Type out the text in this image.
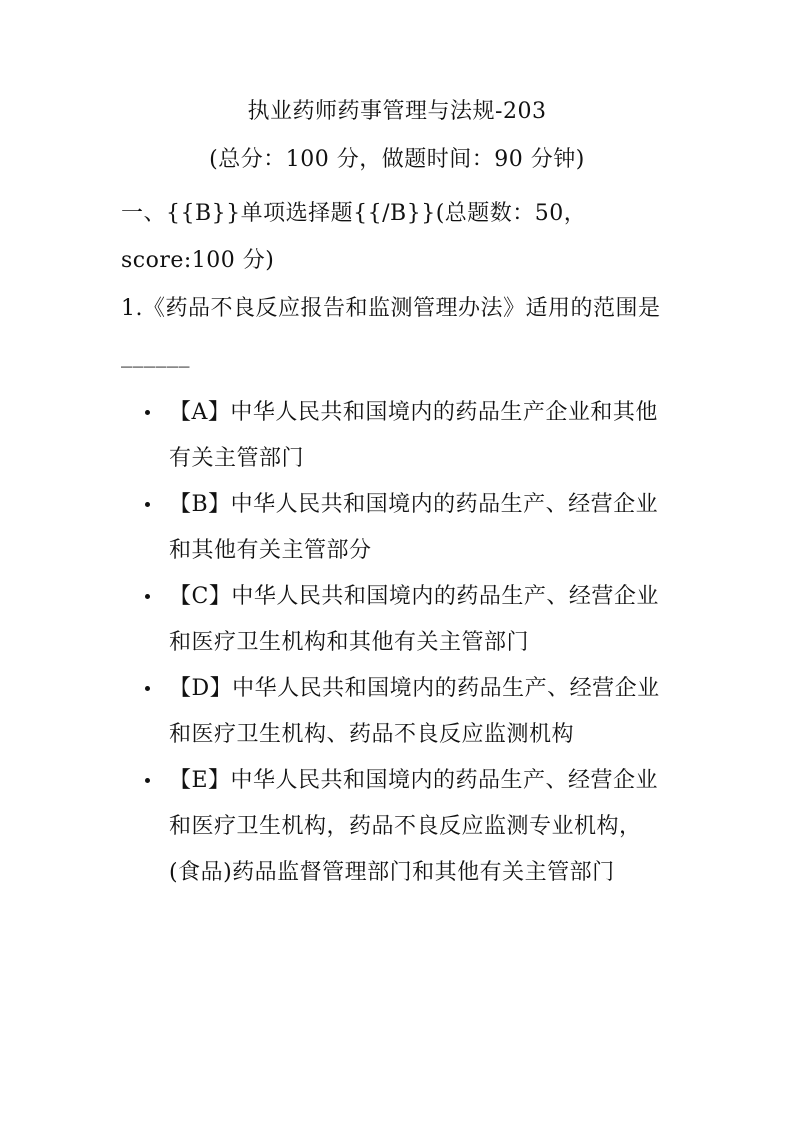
执业药师药事管理与法规-203
(总分：100 分，做题时间：90 分钟)
一、{{B}}单项选择题{{/B}}(总题数：50，score:100 分)
1.《药品不良反应报告和监测管理办法》适用的范围是______
【A】中华人民共和国境内的药品生产企业和其他有关主管部门
【B】中华人民共和国境内的药品生产、经营企业和其他有关主管部分
【C】中华人民共和国境内的药品生产、经营企业和医疗卫生机构和其他有关主管部门
【D】中华人民共和国境内的药品生产、经营企业和医疗卫生机构、药品不良反应监测机构
【E】中华人民共和国境内的药品生产、经营企业和医疗卫生机构，药品不良反应监测专业机构，(食品)药品监督管理部门和其他有关主管部门
